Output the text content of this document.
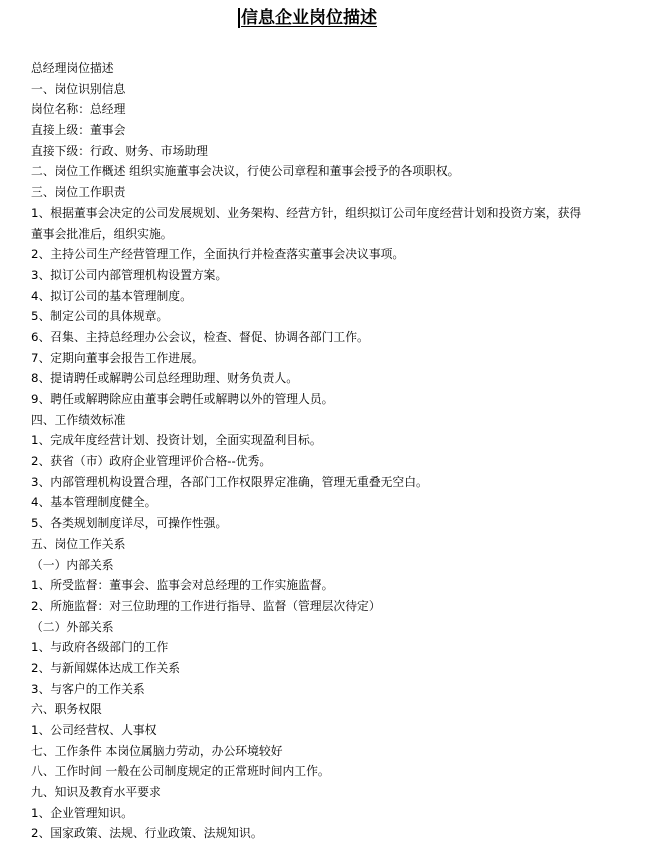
信息企业岗位描述

总经理岗位描述

一、岗位识别信息

岗位名称：总经理

直接上级：董事会

直接下级：行政、财务、市场助理

二、岗位工作概述 组织实施董事会决议，行使公司章程和董事会授予的各项职权。

三、岗位工作职责

1、根据董事会决定的公司发展规划、业务架构、经营方针，组织拟订公司年度经营计划和投资方案，获得

董事会批准后，组织实施。

2、主持公司生产经营管理工作，全面执行并检查落实董事会决议事项。

3、拟订公司内部管理机构设置方案。

4、拟订公司的基本管理制度。

5、制定公司的具体规章。

6、召集、主持总经理办公会议，检查、督促、协调各部门工作。

7、定期向董事会报告工作进展。

8、提请聘任或解聘公司总经理助理、财务负责人。

9、聘任或解聘除应由董事会聘任或解聘以外的管理人员。

四、工作绩效标准

1、完成年度经营计划、投资计划，全面实现盈利目标。

2、获省（市）政府企业管理评价合格--优秀。

3、内部管理机构设置合理，各部门工作权限界定准确，管理无重叠无空白。

4、基本管理制度健全。

5、各类规划制度详尽，可操作性强。

五、岗位工作关系

（一）内部关系

1、所受监督：董事会、监事会对总经理的工作实施监督。

2、所施监督：对三位助理的工作进行指导、监督（管理层次待定）

（二）外部关系

1、与政府各级部门的工作

2、与新闻媒体达成工作关系

3、与客户的工作关系

六、职务权限

1、公司经营权、人事权

七、工作条件 本岗位属脑力劳动，办公环境较好

八、工作时间 一般在公司制度规定的正常班时间内工作。

九、知识及教育水平要求

1、企业管理知识。

2、国家政策、法规、行业政策、法规知识。
